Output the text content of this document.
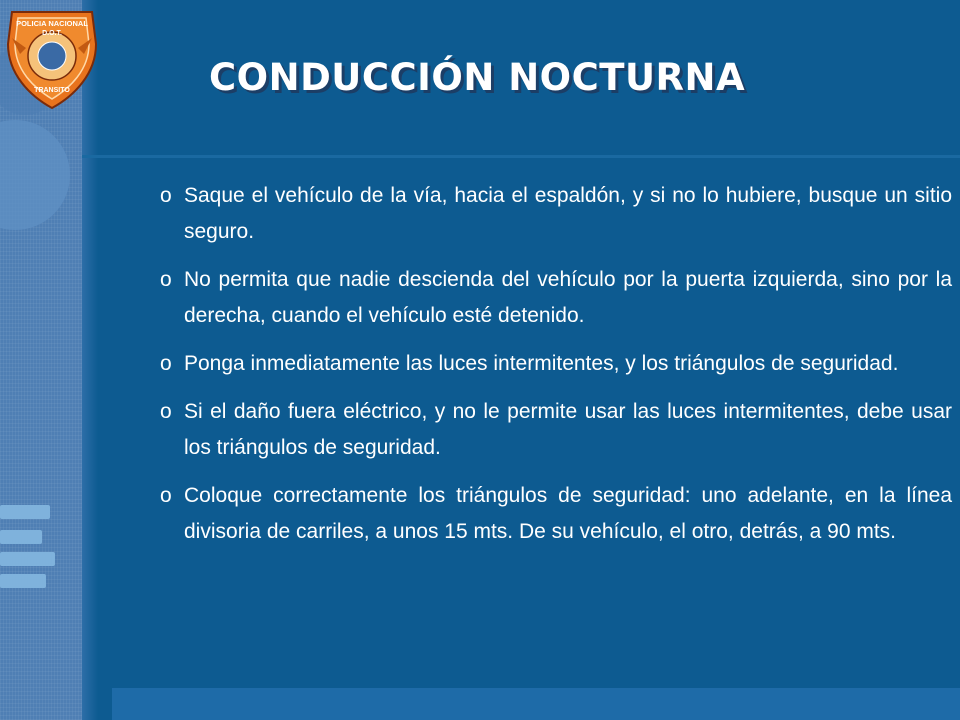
POLICIA NACIONAL
D.O.T.
TRANSITO	CONDUCCIÓN NOCTURNA
o Saque el vehículo de la vía, hacia el espaldón, y si no lo hubiere, busque un sitio seguro.
o No permita que nadie descienda del vehículo por la puerta izquierda, sino por la derecha, cuando el vehículo esté detenido.
o Ponga inmediatamente las luces intermitentes, y los triángulos de seguridad.
o Si el daño fuera eléctrico, y no le permite usar las luces intermitentes, debe usar los triángulos de seguridad.
o Coloque correctamente los triángulos de seguridad: uno adelante, en la línea divisoria de carriles, a unos 15 mts. De su vehículo, el otro, detrás, a 90 mts.
